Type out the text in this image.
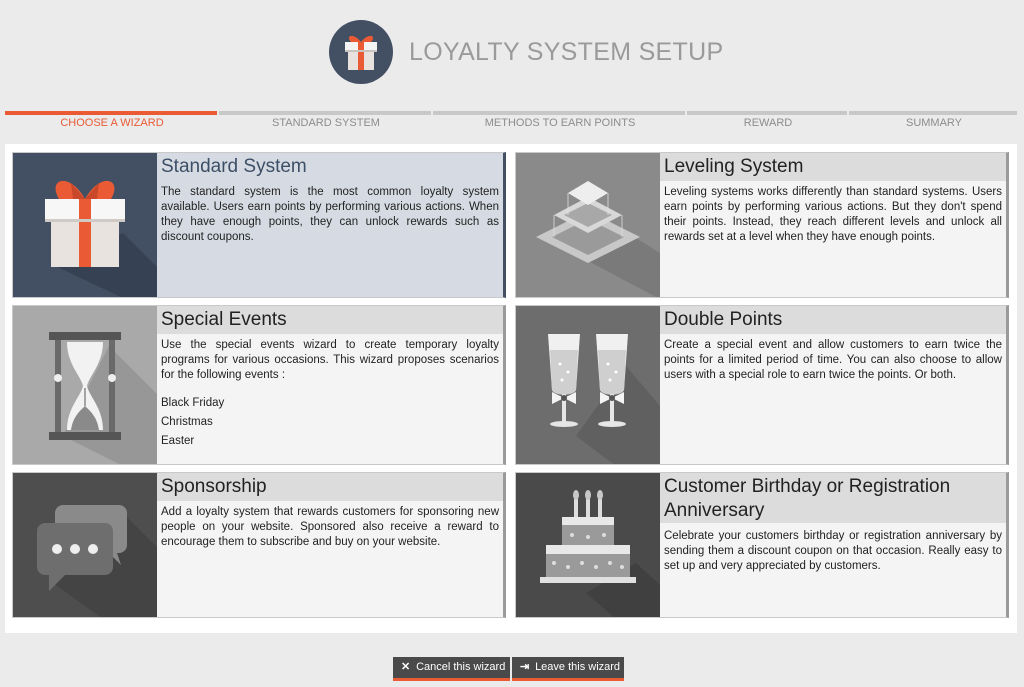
LOYALTY SYSTEM SETUP
CHOOSE A WIZARD	STANDARD SYSTEM	METHODS TO EARN POINTS	REWARD	SUMMARY
Standard System
The standard system is the most common loyalty system available. Users earn points by performing various actions. When they have enough points, they can unlock rewards such as discount coupons.
Leveling System
Leveling systems works differently than standard systems. Users earn points by performing various actions. But they don't spend their points. Instead, they reach different levels and unlock all rewards set at a level when they have enough points.
Special Events
Use the special events wizard to create temporary loyalty programs for various occasions. This wizard proposes scenarios for the following events :
Black Friday
Christmas
Easter
Double Points
Create a special event and allow customers to earn twice the points for a limited period of time. You can also choose to allow users with a special role to earn twice the points. Or both.
Sponsorship
Add a loyalty system that rewards customers for sponsoring new people on your website. Sponsored also receive a reward to encourage them to subscribe and buy on your website.
Customer Birthday or Registration Anniversary
Celebrate your customers birthday or registration anniversary by sending them a discount coupon on that occasion. Really easy to set up and very appreciated by customers.
✕ Cancel this wizard	⇥ Leave this wizard
